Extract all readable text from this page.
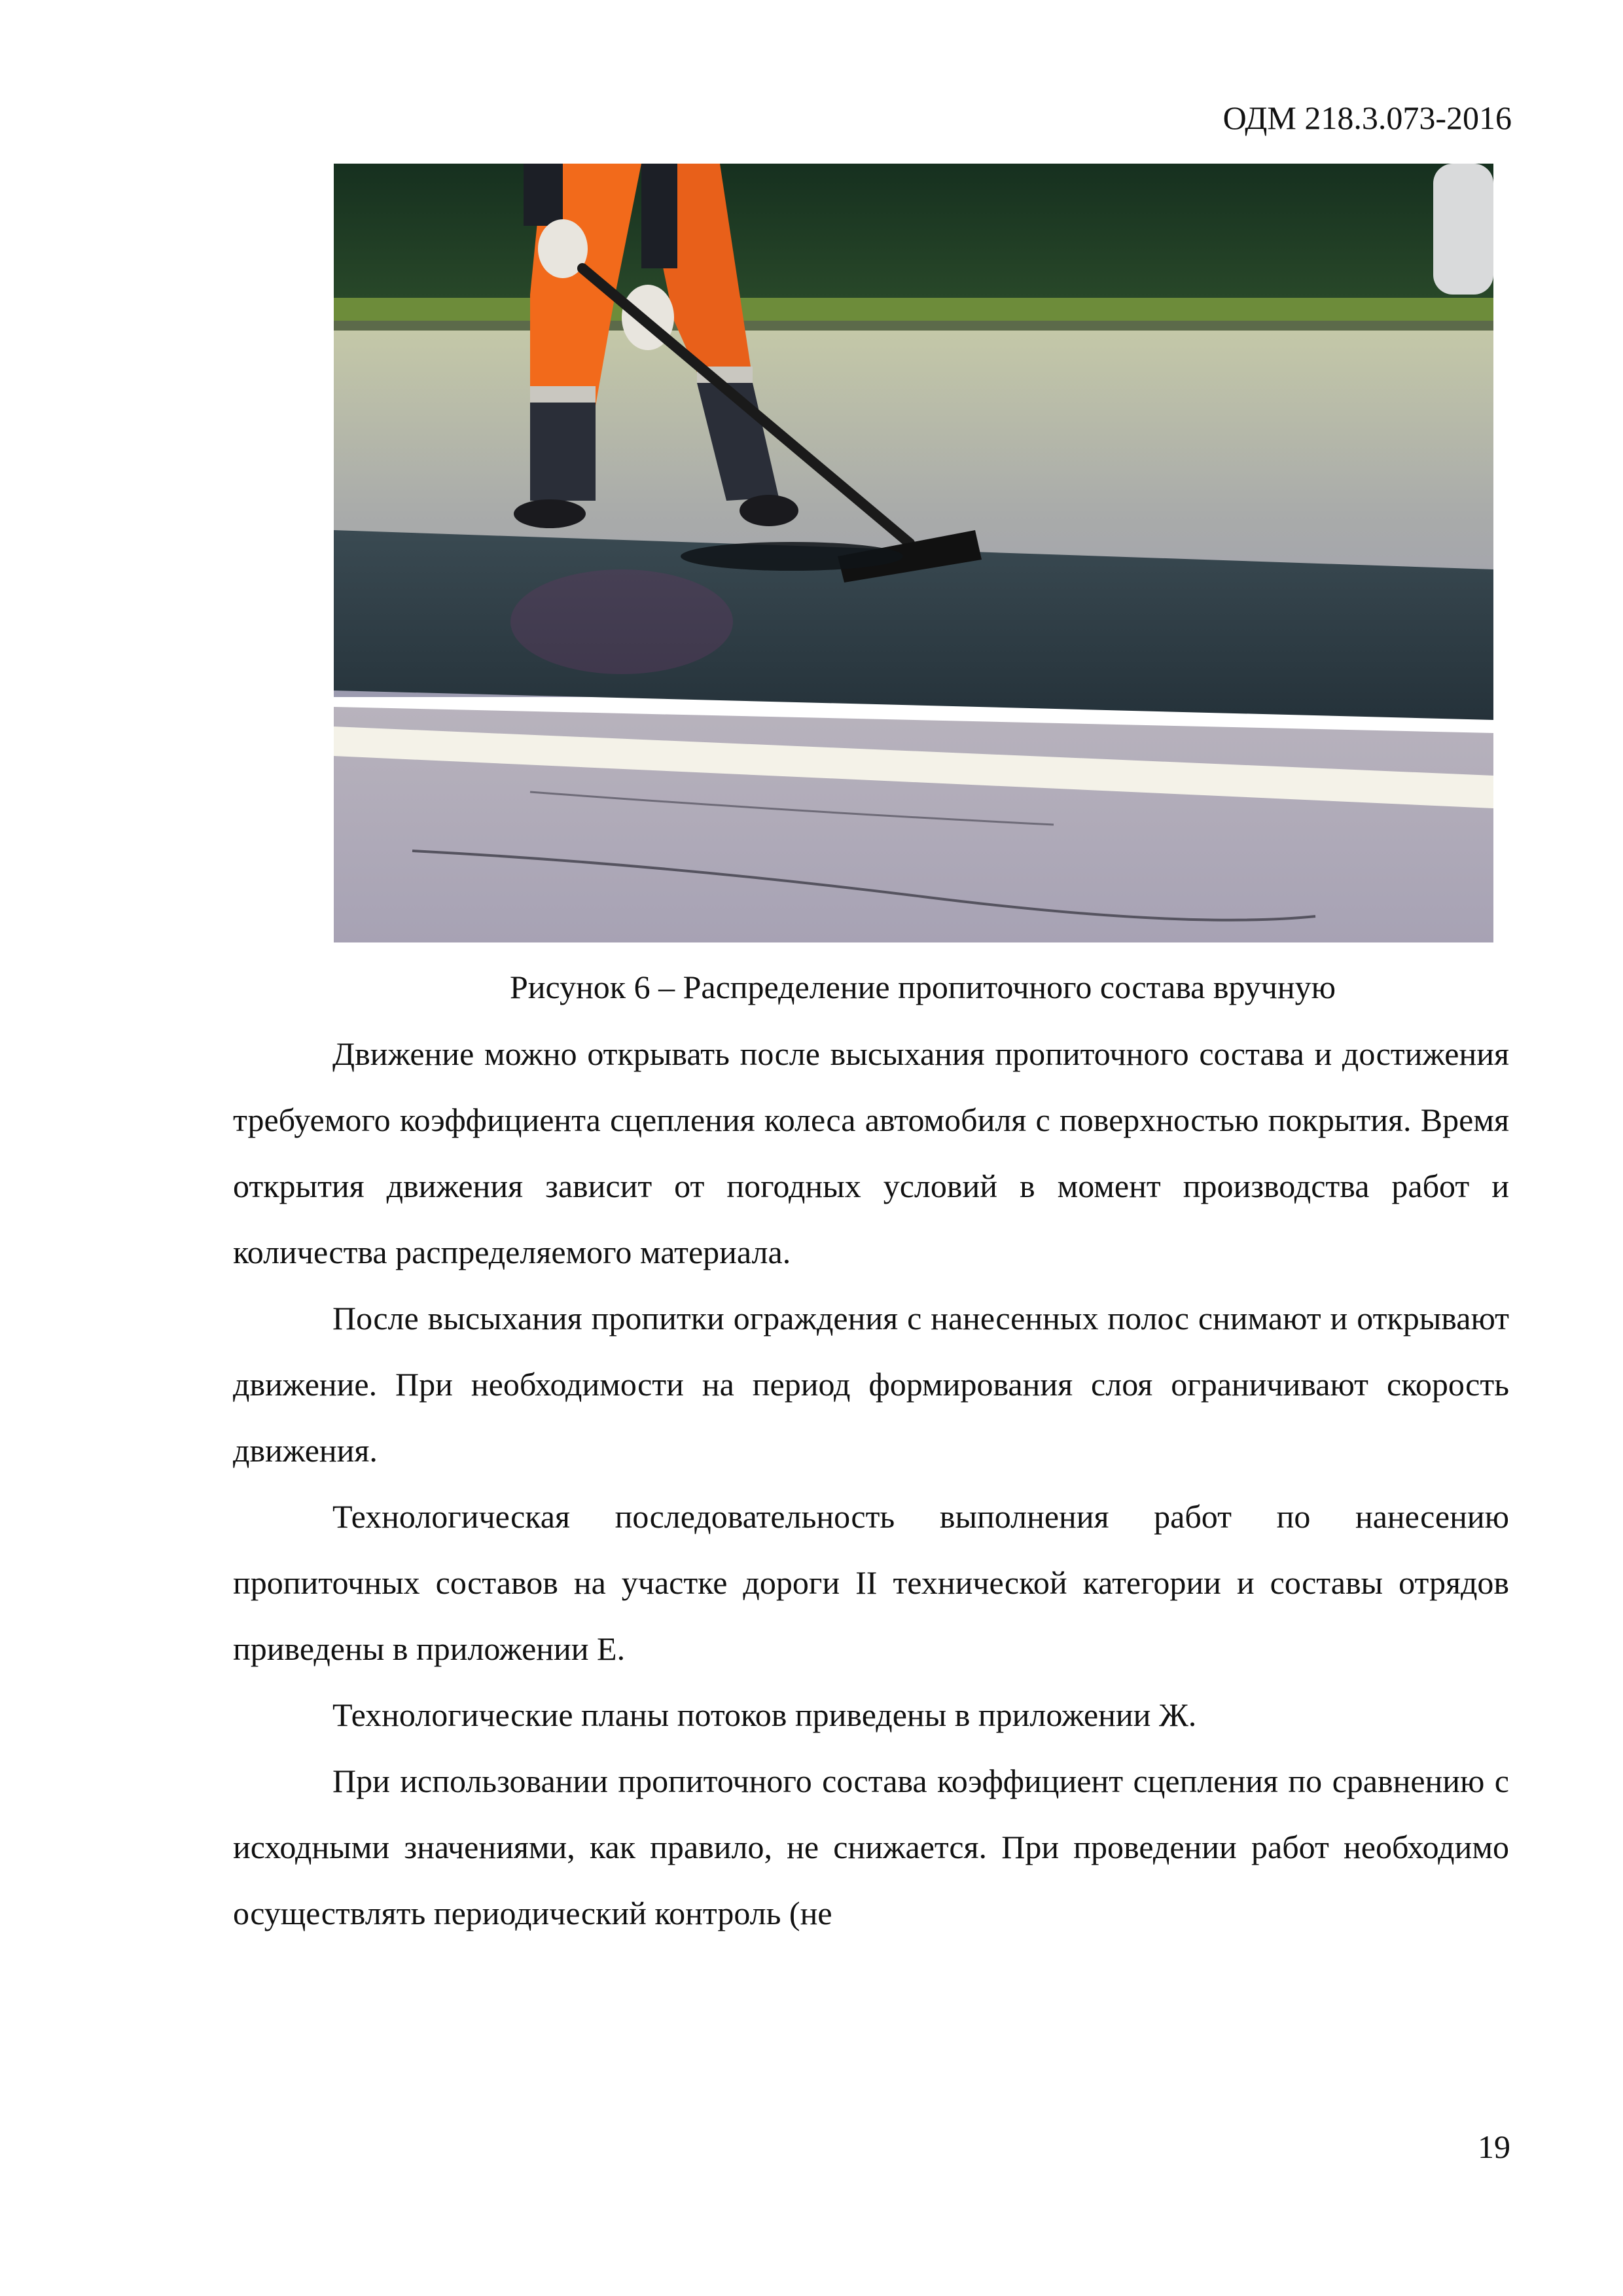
ОДМ 218.3.073-2016
Рисунок 6 – Распределение пропиточного состава вручную

Движение можно открывать после высыхания пропиточного состава и достижения требуемого коэффициента сцепления колеса автомобиля с поверхностью покрытия. Время открытия движения зависит от погодных условий в момент производства работ и количества распределяемого материала.

После высыхания пропитки ограждения с нанесенных полос снимают и открывают движение. При необходимости на период формирования слоя ограничивают скорость движения.

Технологическая последовательность выполнения работ по нанесению пропиточных составов на участке дороги II технической категории и составы отрядов приведены в приложении Е.

Технологические планы потоков приведены в приложении Ж.

При использовании пропиточного состава коэффициент сцепления по сравнению с исходными значениями, как правило, не снижается. При проведении работ необходимо осуществлять периодический контроль (не

19
